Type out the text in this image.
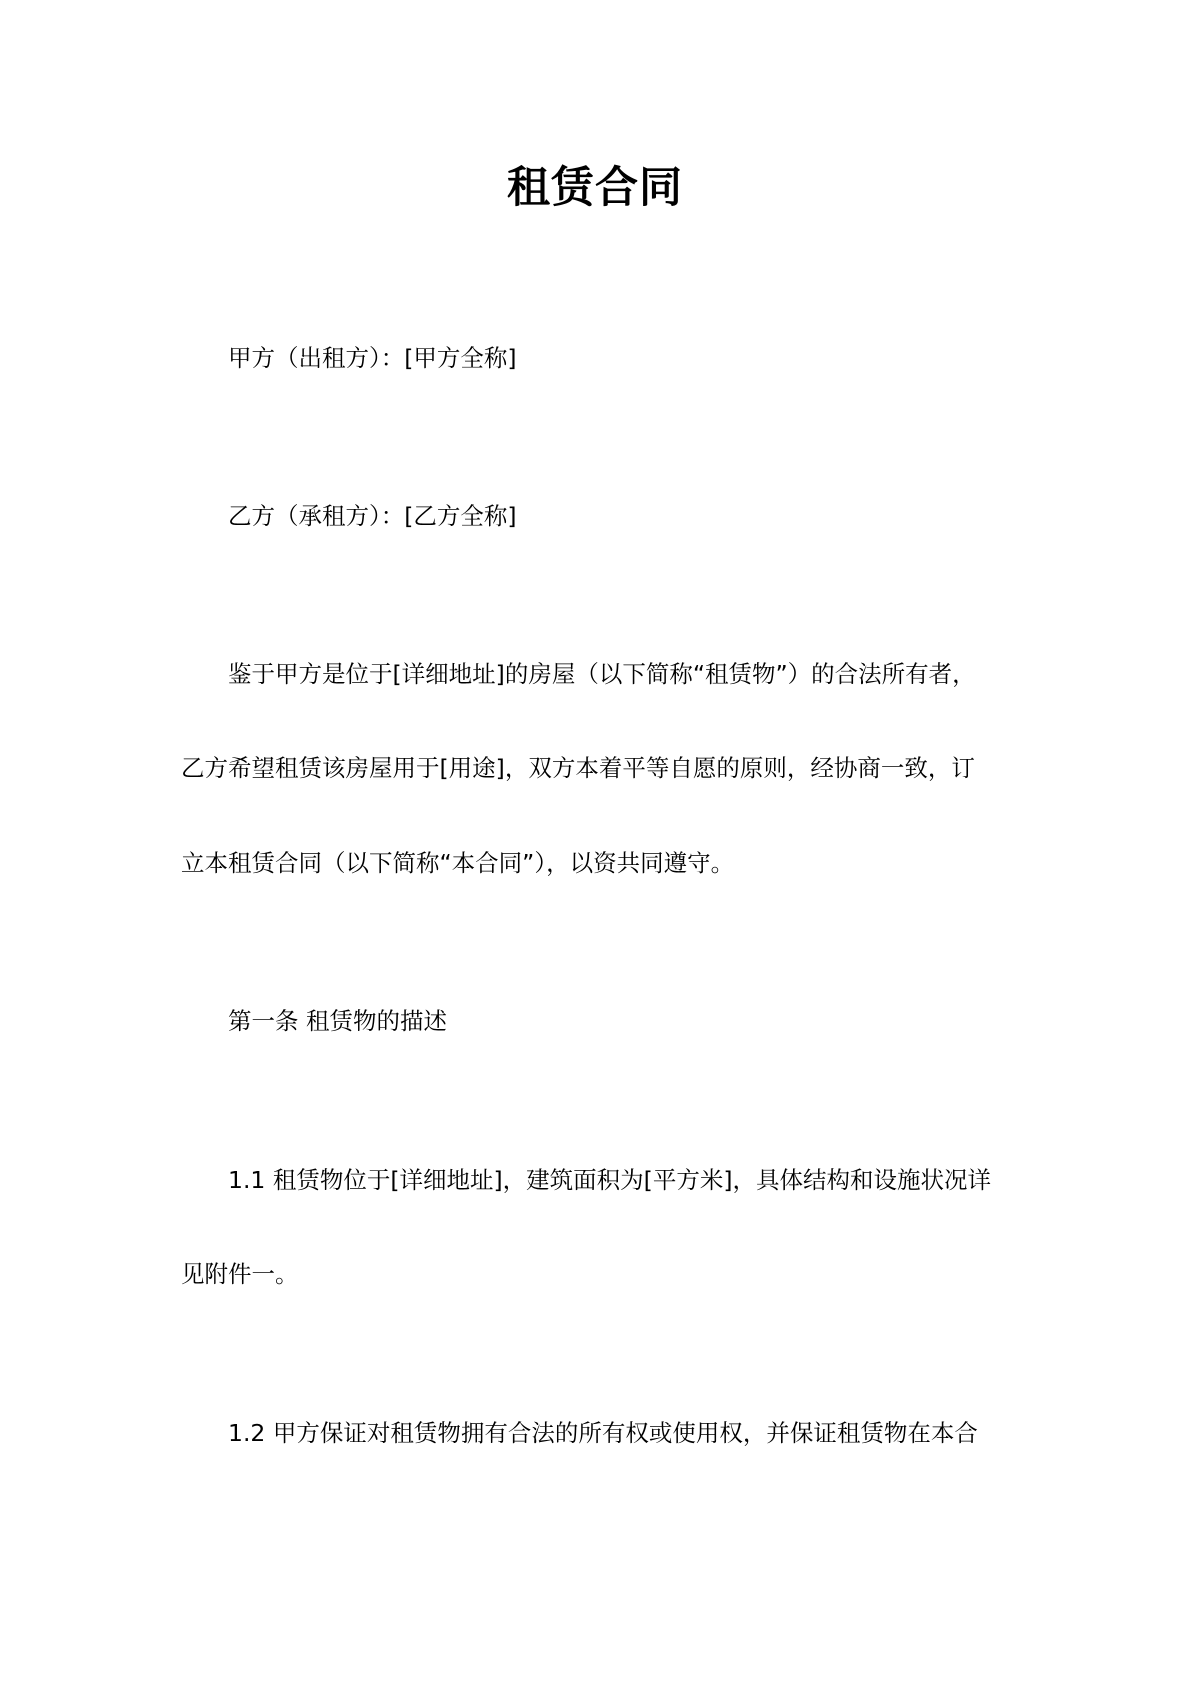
租赁合同
甲方（出租方）：[甲方全称]
乙方（承租方）：[乙方全称]
鉴于甲方是位于[详细地址]的房屋（以下简称“租赁物”）的合法所有者，
乙方希望租赁该房屋用于[用途]，双方本着平等自愿的原则，经协商一致，订
立本租赁合同（以下简称“本合同”），以资共同遵守。
第一条 租赁物的描述
1.1 租赁物位于[详细地址]，建筑面积为[平方米]，具体结构和设施状况详
见附件一。
1.2 甲方保证对租赁物拥有合法的所有权或使用权，并保证租赁物在本合
